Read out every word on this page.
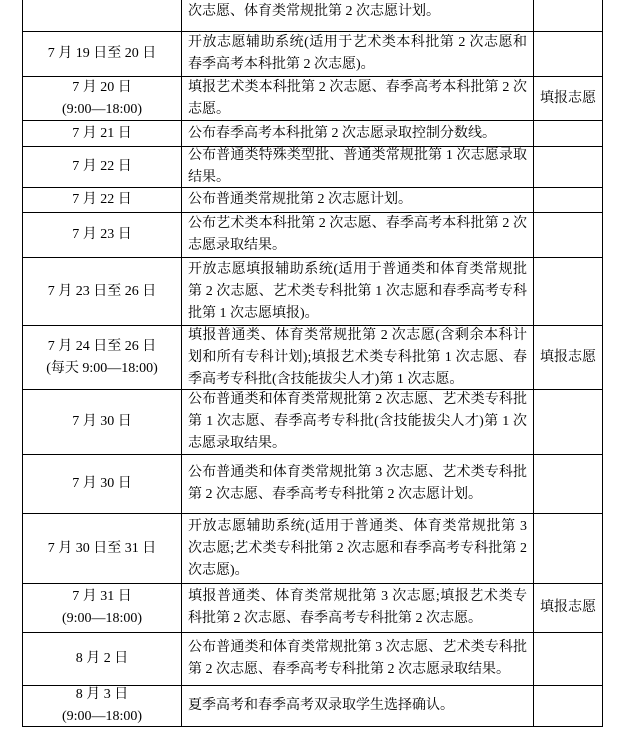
次志愿、体育类常规批第 2 次志愿计划。
7 月 19 日至 20 日
开放志愿辅助系统(适用于艺术类本科批第 2 次志愿和春季高考本科批第 2 次志愿)。
7 月 20 日
(9:00—18:00)
填报艺术类本科批第 2 次志愿、春季高考本科批第 2 次志愿。
填报志愿
7 月 21 日	公布春季高考本科批第 2 次志愿录取控制分数线。
7 月 22 日
公布普通类特殊类型批、普通类常规批第 1 次志愿录取结果。
7 月 22 日	公布普通类常规批第 2 次志愿计划。
7 月 23 日
公布艺术类本科批第 2 次志愿、春季高考本科批第 2 次志愿录取结果。
7 月 23 日至 26 日
开放志愿填报辅助系统(适用于普通类和体育类常规批第 2 次志愿、艺术类专科批第 1 次志愿和春季高考专科批第 1 次志愿填报)。
7 月 24 日至 26 日
(每天 9:00—18:00)
填报普通类、体育类常规批第 2 次志愿(含剩余本科计划和所有专科计划);填报艺术类专科批第 1 次志愿、春季高考专科批(含技能拔尖人才)第 1 次志愿。
填报志愿
7 月 30 日
公布普通类和体育类常规批第 2 次志愿、艺术类专科批第 1 次志愿、春季高考专科批(含技能拔尖人才)第 1 次志愿录取结果。
7 月 30 日
公布普通类和体育类常规批第 3 次志愿、艺术类专科批第 2 次志愿、春季高考专科批第 2 次志愿计划。
7 月 30 日至 31 日
开放志愿辅助系统(适用于普通类、体育类常规批第 3 次志愿;艺术类专科批第 2 次志愿和春季高考专科批第 2 次志愿)。
7 月 31 日
(9:00—18:00)
填报普通类、体育类常规批第 3 次志愿;填报艺术类专科批第 2 次志愿、春季高考专科批第 2 次志愿。
填报志愿
8 月 2 日
公布普通类和体育类常规批第 3 次志愿、艺术类专科批第 2 次志愿、春季高考专科批第 2 次志愿录取结果。
8 月 3 日
(9:00—18:00)
夏季高考和春季高考双录取学生选择确认。
